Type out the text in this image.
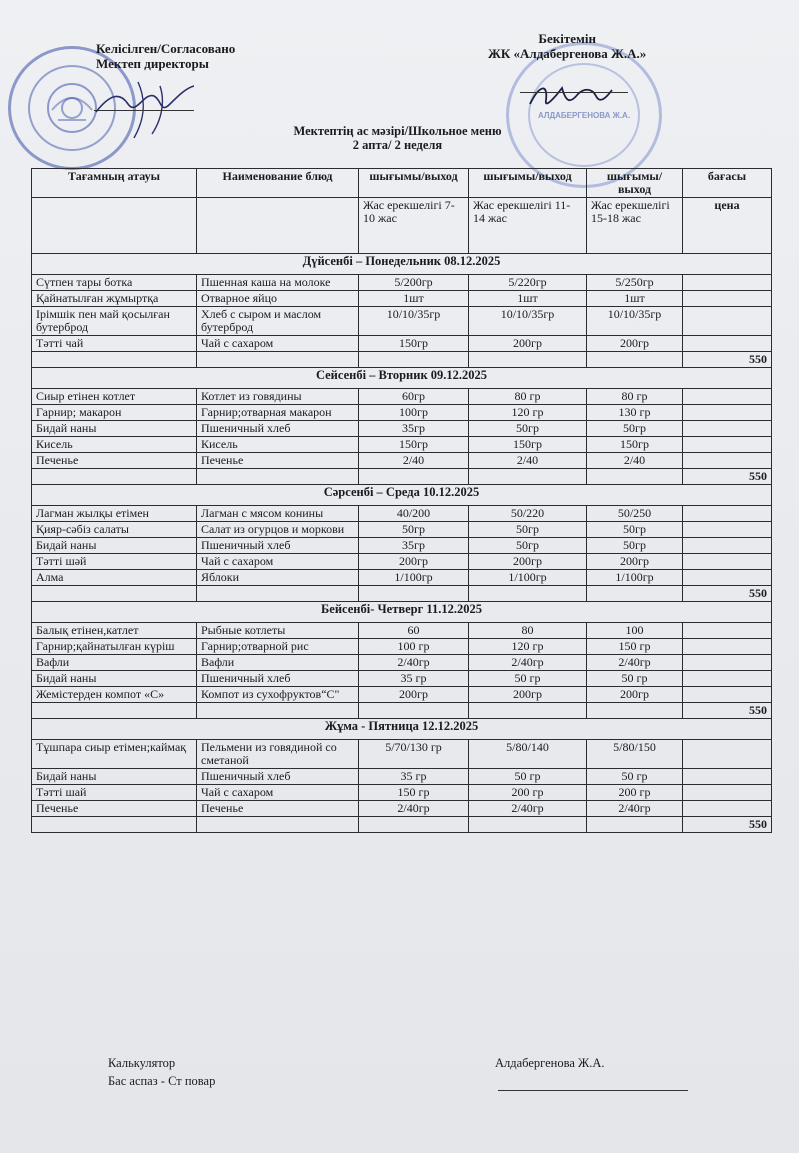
АЛДАБЕРГЕНОВА Ж.А.
Келісілген/Согласовано
Мектеп директоры
Бекітемін
ЖК «Алдабергенова Ж.А.»
Мектептің ас мәзірі/Школьное меню
2 апта/ 2 неделя
Тағамның атауы	Наименование блюд	шығымы/выход	шығымы/выход	шығымы/выход	бағасы
		Жас ерекшелігі 7-10 жас	Жас ерекшелігі 11-14 жас	Жас ерекшелігі 15-18 жас	цена
Дүйсенбі – Понедельник 08.12.2025					
Сүтпен тары ботка	Пшенная каша на молоке	5/200гр	5/220гр	5/250гр	
Қайнатылған жұмыртқа	Отварное яйцо	1шт	1шт	1шт	
Ірімшік пен май қосылған бутерброд	Хлеб с сыром и маслом бутерброд	10/10/35гр	10/10/35гр	10/10/35гр	
Тәтті чай	Чай с сахаром	150гр	200гр	200гр	
					550
Сейсенбі – Вторник 09.12.2025					
Сиыр етінен котлет	Котлет из говядины	60гр	80 гр	80 гр	
Гарнир; макарон	Гарнир;отварная макарон	100гр	120 гр	130 гр	
Бидай наны	Пшеничный хлеб	35гр	50гр	50гр	
Кисель	Кисель	150гр	150гр	150гр	
Печенье	Печенье	2/40	2/40	2/40	
					550
Сәрсенбі – Среда 10.12.2025					
Лагман жылқы етімен	Лагман с мясом конины	40/200	50/220	50/250	
Қияр-сәбіз салаты	Салат из огурцов и моркови	50гр	50гр	50гр	
Бидай наны	Пшеничный хлеб	35гр	50гр	50гр	
Тәтті шәй	Чай с сахаром	200гр	200гр	200гр	
Алма	Яблоки	1/100гр	1/100гр	1/100гр	
					550
Бейсенбі- Четверг 11.12.2025					
Балық етінен,катлет	Рыбные котлеты	60	80	100	
Гарнир;қайнатылған күріш	Гарнир;отварной рис	100 гр	120 гр	150 гр	
Вафли	Вафли	2/40гр	2/40гр	2/40гр	
Бидай наны	Пшеничный хлеб	35 гр	50 гр	50 гр	
Жемістерден компот «С»	Компот из сухофруктов“С"	200гр	200гр	200гр	
					550
Жұма - Пятница 12.12.2025					
Тұшпара сиыр етімен;каймақ	Пельмени из говядиной со сметаной	5/70/130 гр	5/80/140	5/80/150	
Бидай наны	Пшеничный хлеб	35 гр	50 гр	50 гр	
Тәтті шай	Чай с сахаром	150 гр	200 гр	200 гр	
Печенье	Печенье	2/40гр	2/40гр	2/40гр	
					550
Калькулятор
Бас аспаз - Ст повар
Алдабергенова Ж.А.
